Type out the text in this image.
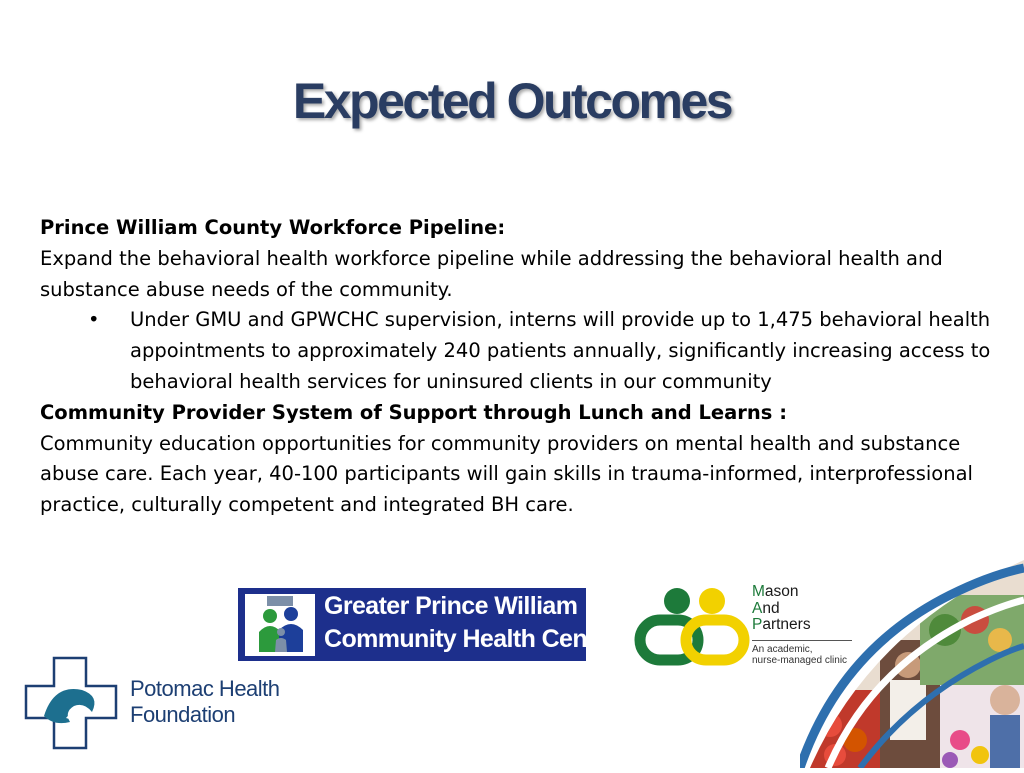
Expected Outcomes

Prince William County Workforce Pipeline:

Expand the behavioral health workforce pipeline while addressing the behavioral health and substance abuse needs of the community.

• Under GMU and GPWCHC supervision, interns will provide up to 1,475 behavioral health appointments to approximately 240 patients annually, significantly increasing access to behavioral health services for uninsured clients in our community

Community Provider System of Support through Lunch and Learns :

Community education opportunities for community providers on mental health and substance abuse care. Each year, 40-100 participants will gain skills in trauma-informed, interprofessional practice, culturally competent and integrated BH care.

Greater Prince William
Community Health Center
Mason
And
Partners
An academic,
nurse-managed clinic
Potomac Health
Foundation
